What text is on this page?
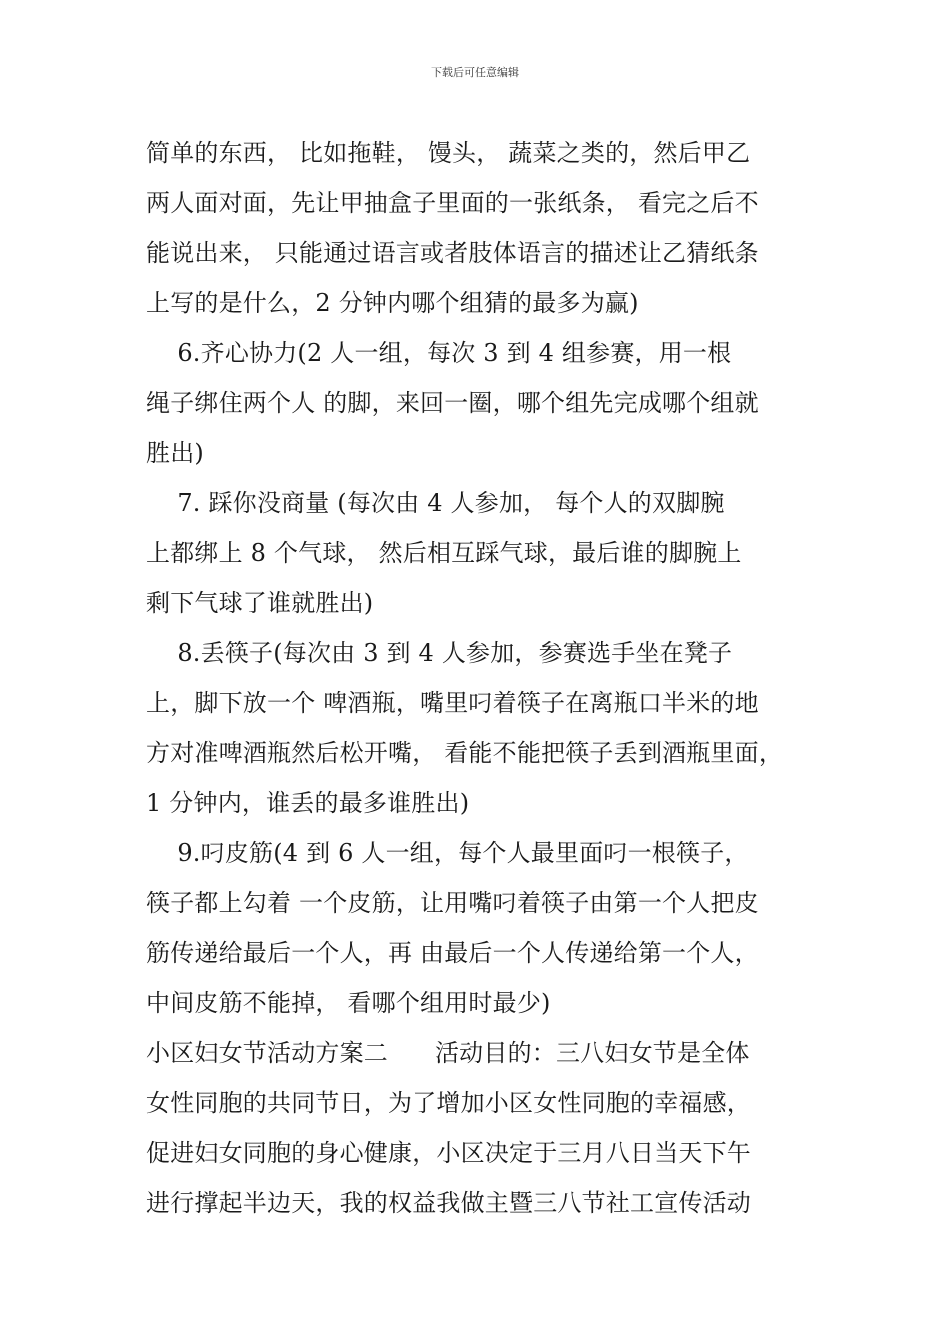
下载后可任意编辑
简单的东西， 比如拖鞋， 馒头， 蔬菜之类的，然后甲乙
两人面对面，先让甲抽盒子里面的一张纸条， 看完之后不
能说出来， 只能通过语言或者肢体语言的描述让乙猜纸条
上写的是什么，2 分钟内哪个组猜的最多为赢)
6.齐心协力(2 人一组，每次 3 到 4 组参赛，用一根
绳子绑住两个人 的脚，来回一圈，哪个组先完成哪个组就
胜出)
7. 踩你没商量 (每次由 4 人参加， 每个人的双脚腕
上都绑上 8 个气球， 然后相互踩气球，最后谁的脚腕上
剩下气球了谁就胜出)
8.丢筷子(每次由 3 到 4 人参加，参赛选手坐在凳子
上，脚下放一个 啤酒瓶，嘴里叼着筷子在离瓶口半米的地
方对准啤酒瓶然后松开嘴， 看能不能把筷子丢到酒瓶里面，
1 分钟内，谁丢的最多谁胜出)
9.叼皮筋(4 到 6 人一组，每个人最里面叼一根筷子，
筷子都上勾着 一个皮筋，让用嘴叼着筷子由第一个人把皮
筋传递给最后一个人，再 由最后一个人传递给第一个人，
中间皮筋不能掉， 看哪个组用时最少)
小区妇女节活动方案二      活动目的：三八妇女节是全体
女性同胞的共同节日，为了增加小区女性同胞的幸福感，
促进妇女同胞的身心健康，小区决定于三月八日当天下午
进行撑起半边天，我的权益我做主暨三八节社工宣传活动
